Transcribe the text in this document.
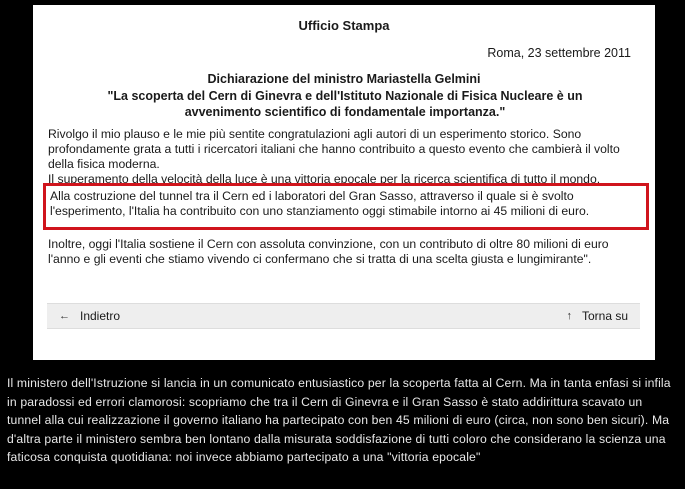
Ufficio Stampa
Roma, 23 settembre 2011
Dichiarazione del ministro Mariastella Gelmini
"La scoperta del Cern di Ginevra e dell'Istituto Nazionale di Fisica Nucleare è un avvenimento scientifico di fondamentale importanza."

Rivolgo il mio plauso e le mie più sentite congratulazioni agli autori di un esperimento storico. Sono profondamente grata a tutti i ricercatori italiani che hanno contribuito a questo evento che cambierà il volto della fisica moderna.

Il superamento della velocità della luce è una vittoria epocale per la ricerca scientifica di tutto il mondo.

Alla costruzione del tunnel tra il Cern ed i laboratori del Gran Sasso, attraverso il quale si è svolto l'esperimento, l'Italia ha contribuito con uno stanziamento oggi stimabile intorno ai 45 milioni di euro.
Inoltre, oggi l'Italia sostiene il Cern con assoluta convinzione, con un contributo di oltre 80 milioni di euro l'anno e gli eventi che stiamo vivendo ci confermano che si tratta di una scelta giusta e lungimirante".
← Indietro	↑ Torna su
Il ministero dell'Istruzione si lancia in un comunicato entusiastico per la scoperta fatta al Cern. Ma in tanta enfasi si infila in paradossi ed errori clamorosi: scopriamo che tra il Cern di Ginevra e il Gran Sasso è stato addirittura scavato un tunnel alla cui realizzazione il governo italiano ha partecipato con ben 45 milioni di euro (circa, non sono ben sicuri). Ma d'altra parte il ministero sembra ben lontano dalla misurata soddisfazione di tutti coloro che considerano la scienza una faticosa conquista quotidiana: noi invece abbiamo partecipato a una "vittoria epocale"
